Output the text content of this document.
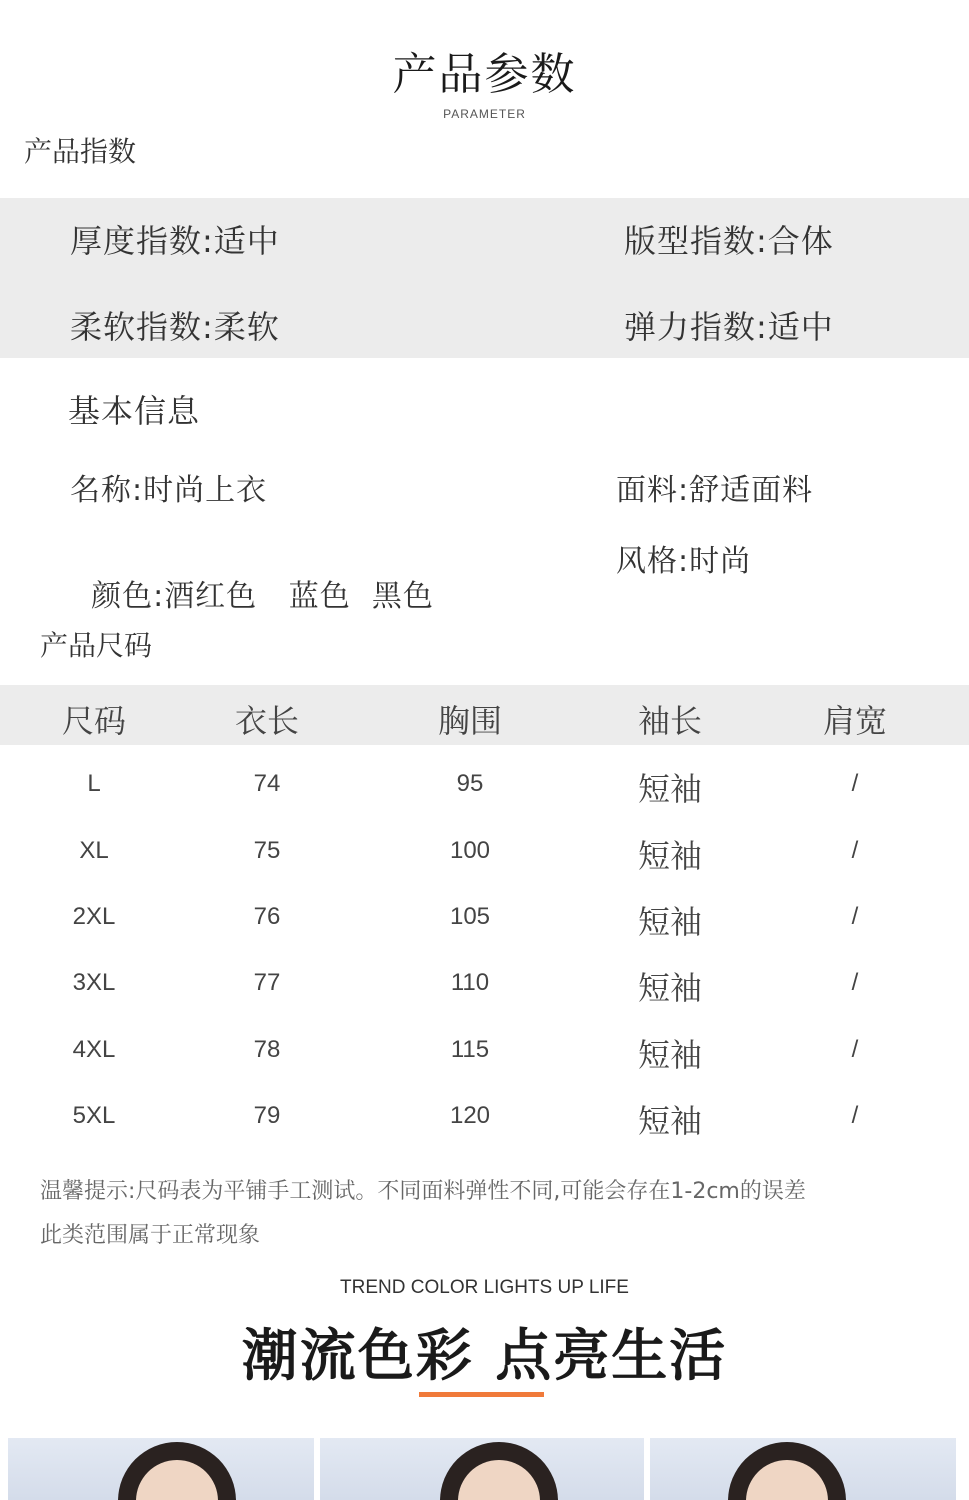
产品参数
PARAMETER
产品指数
厚度指数:适中	版型指数:合体
柔软指数:柔软	弹力指数:适中
基本信息
名称:时尚上衣	面料:舒适面料

颜色:酒红色   蓝色  黑色

风格:时尚
产品尺码
尺码	衣长	胸围	袖长	肩宽
L	74	95	短袖	/
XL	75	100	短袖	/
2XL	76	105	短袖	/
3XL	77	110	短袖	/
4XL	78	115	短袖	/
5XL	79	120	短袖	/
温馨提示:尺码表为平铺手工测试。不同面料弹性不同,可能会存在1-2cm的误差
此类范围属于正常现象
TREND COLOR LIGHTS UP LIFE
潮流色彩 点亮生活
